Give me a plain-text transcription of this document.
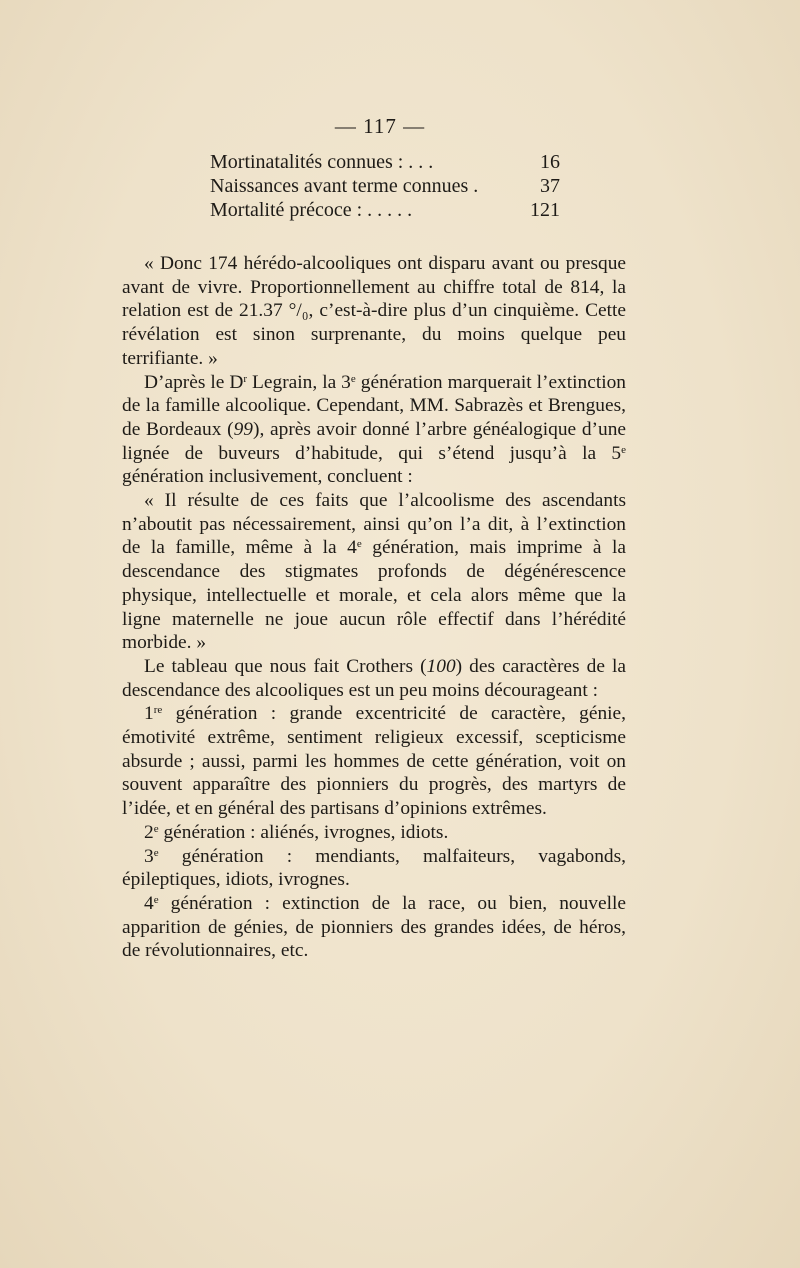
— 117 —
Mortinatalités connues : . . .	16
Naissances avant terme connues .	37
Mortalité précoce : . . . . .	121

« Donc 174 hérédo-alcooliques ont disparu avant ou presque avant de vivre. Proportionnellement au chiffre total de 814, la relation est de 21.37 °/₀, c’est-à-dire plus d’un cinquième. Cette révélation est sinon surprenante, du moins quelque peu terrifiante. »

D’après le $D^r$ Legrain, la 3e génération marquerait l’extinction de la famille alcoolique. Cependant, MM. Sabrazès et Brengues, de Bordeaux (99), après avoir donné l’arbre généalogique d’une lignée de buveurs d’habitude, qui s’étend jusqu’à la 5e génération inclusivement, concluent :

« Il résulte de ces faits que l’alcoolisme des ascendants n’aboutit pas nécessairement, ainsi qu’on l’a dit, à l’extinction de la famille, même à la 4e génération, mais imprime à la descendance des stigmates profonds de dégénérescence physique, intellectuelle et morale, et cela alors même que la ligne maternelle ne joue aucun rôle effectif dans l’hérédité morbide. »

Le tableau que nous fait Crothers (100) des caractères de la descendance des alcooliques est un peu moins décourageant :

1re génération : grande excentricité de caractère, génie, émotivité extrême, sentiment religieux excessif, scepticisme absurde ; aussi, parmi les hommes de cette génération, voit on souvent apparaître des pionniers du progrès, des martyrs de l’idée, et en général des partisans d’opinions extrêmes.

2e génération : aliénés, ivrognes, idiots.

3e génération : mendiants, malfaiteurs, vagabonds, épileptiques, idiots, ivrognes.

4e génération : extinction de la race, ou bien, nouvelle apparition de génies, de pionniers des grandes idées, de héros, de révolutionnaires, etc.
